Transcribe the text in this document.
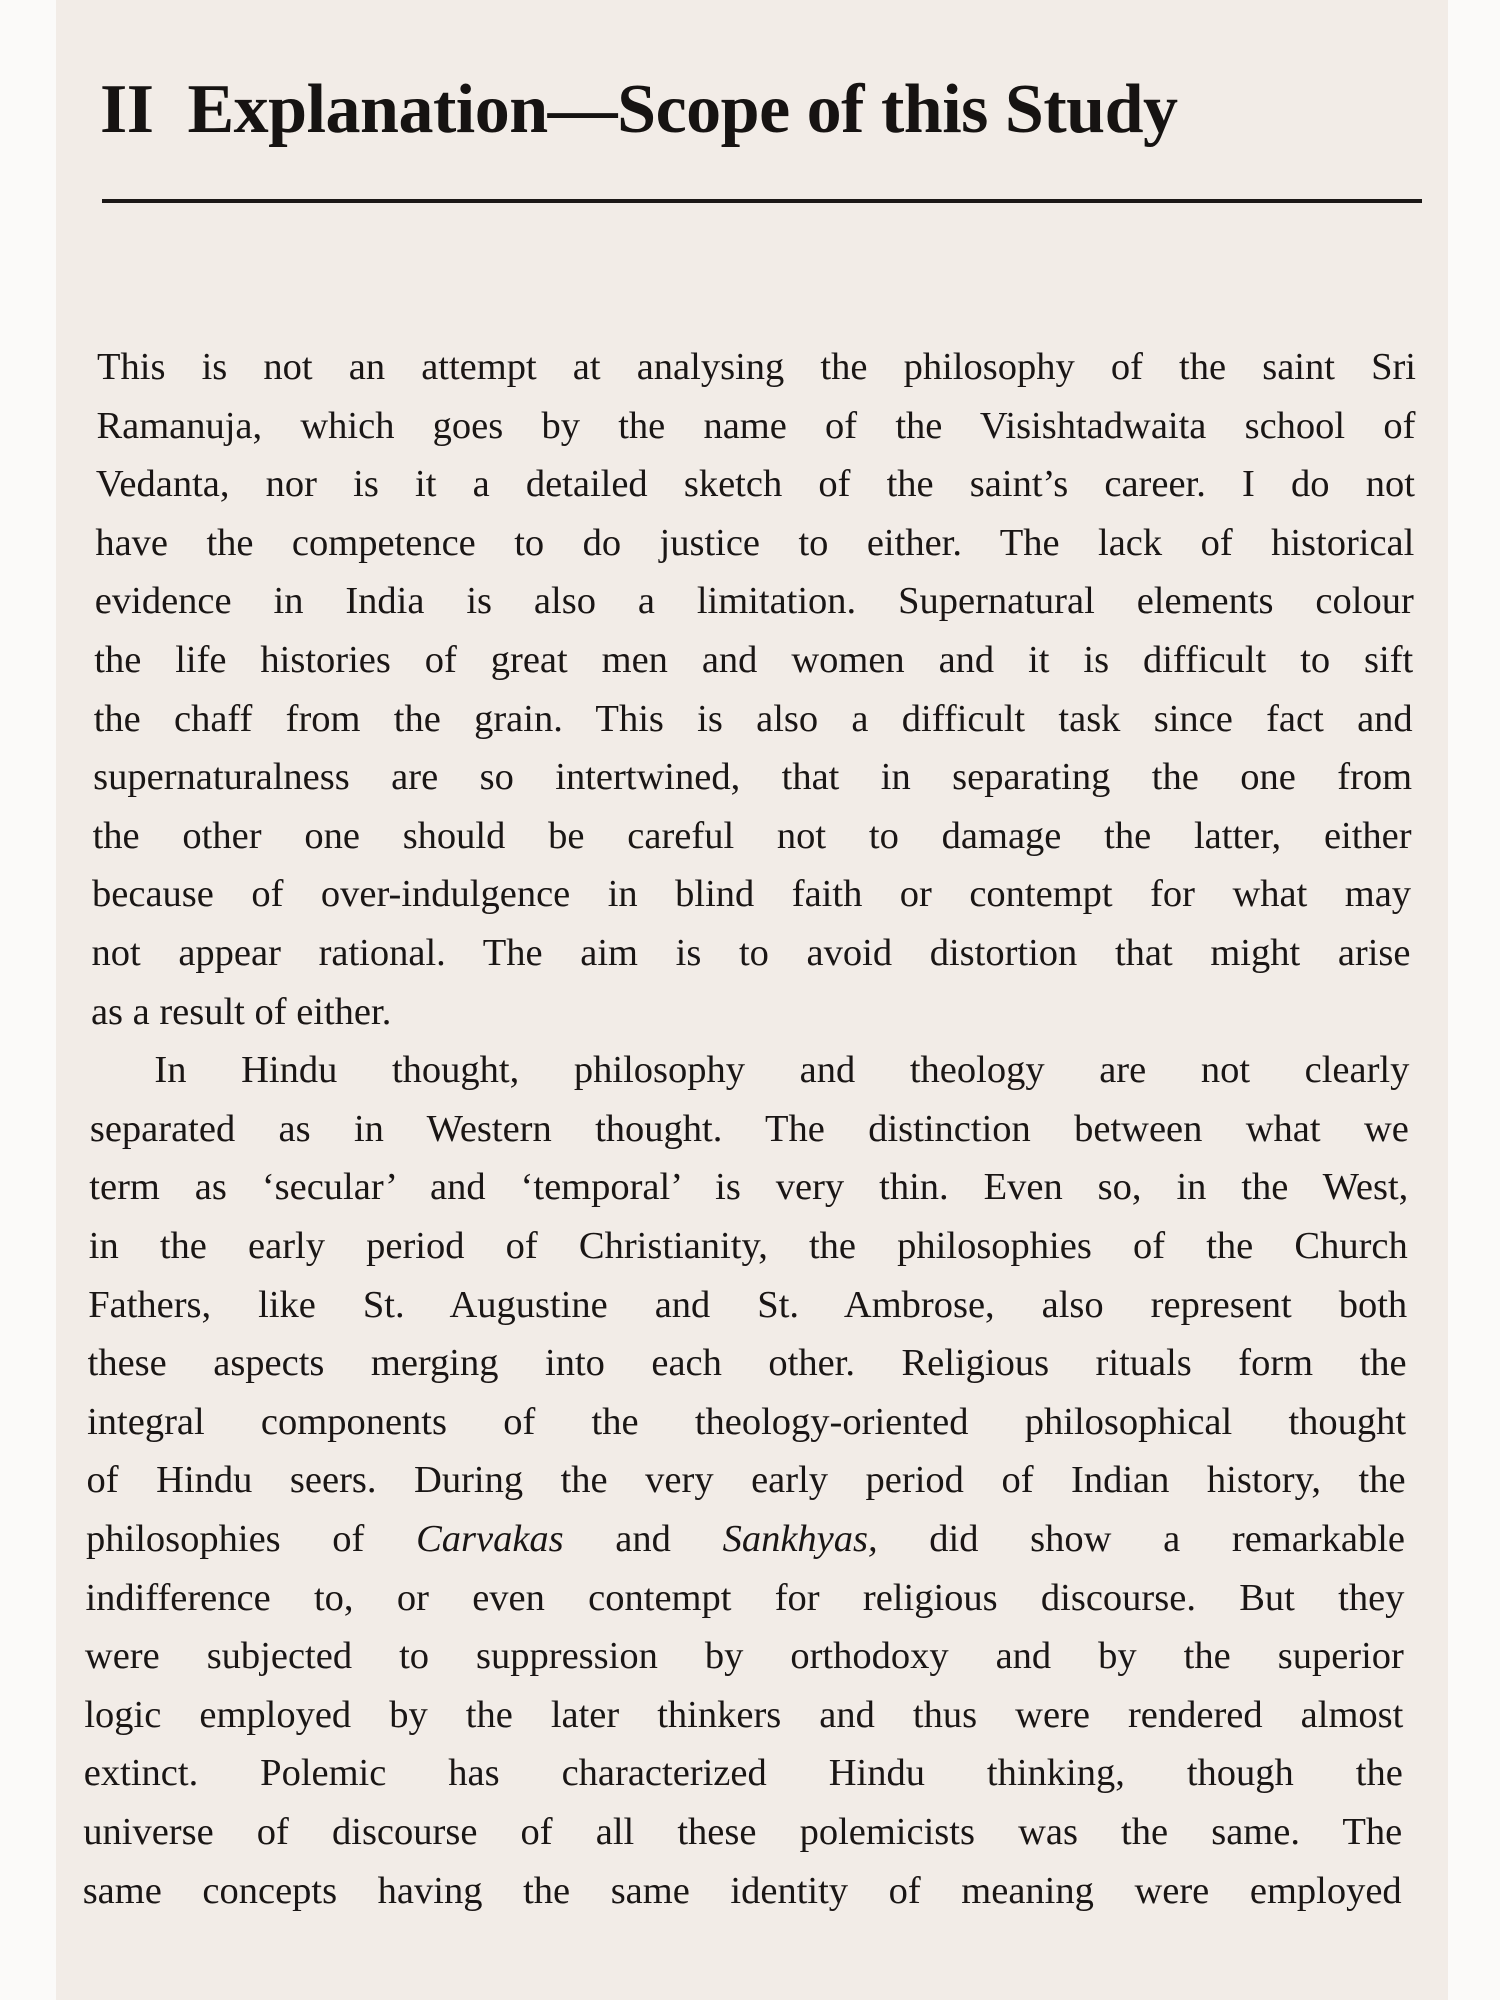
II Explanation—Scope of this Study
This is not an attempt at analysing the philosophy of the saint Sri
Ramanuja, which goes by the name of the Visishtadwaita school of
Vedanta, nor is it a detailed sketch of the saint’s career. I do not
have the competence to do justice to either. The lack of historical
evidence in India is also a limitation. Supernatural elements colour
the life histories of great men and women and it is difficult to sift
the chaff from the grain. This is also a difficult task since fact and
supernaturalness are so intertwined, that in separating the one from
the other one should be careful not to damage the latter, either
because of over-indulgence in blind faith or contempt for what may
not appear rational. The aim is to avoid distortion that might arise
as a result of either.
In Hindu thought, philosophy and theology are not clearly
separated as in Western thought. The distinction between what we
term as ‘secular’ and ‘temporal’ is very thin. Even so, in the West,
in the early period of Christianity, the philosophies of the Church
Fathers, like St. Augustine and St. Ambrose, also represent both
these aspects merging into each other. Religious rituals form the
integral components of the theology-oriented philosophical thought
of Hindu seers. During the very early period of Indian history, the
philosophies of Carvakas and Sankhyas, did show a remarkable
indifference to, or even contempt for religious discourse. But they
were subjected to suppression by orthodoxy and by the superior
logic employed by the later thinkers and thus were rendered almost
extinct. Polemic has characterized Hindu thinking, though the
universe of discourse of all these polemicists was the same. The
same concepts having the same identity of meaning were employed
